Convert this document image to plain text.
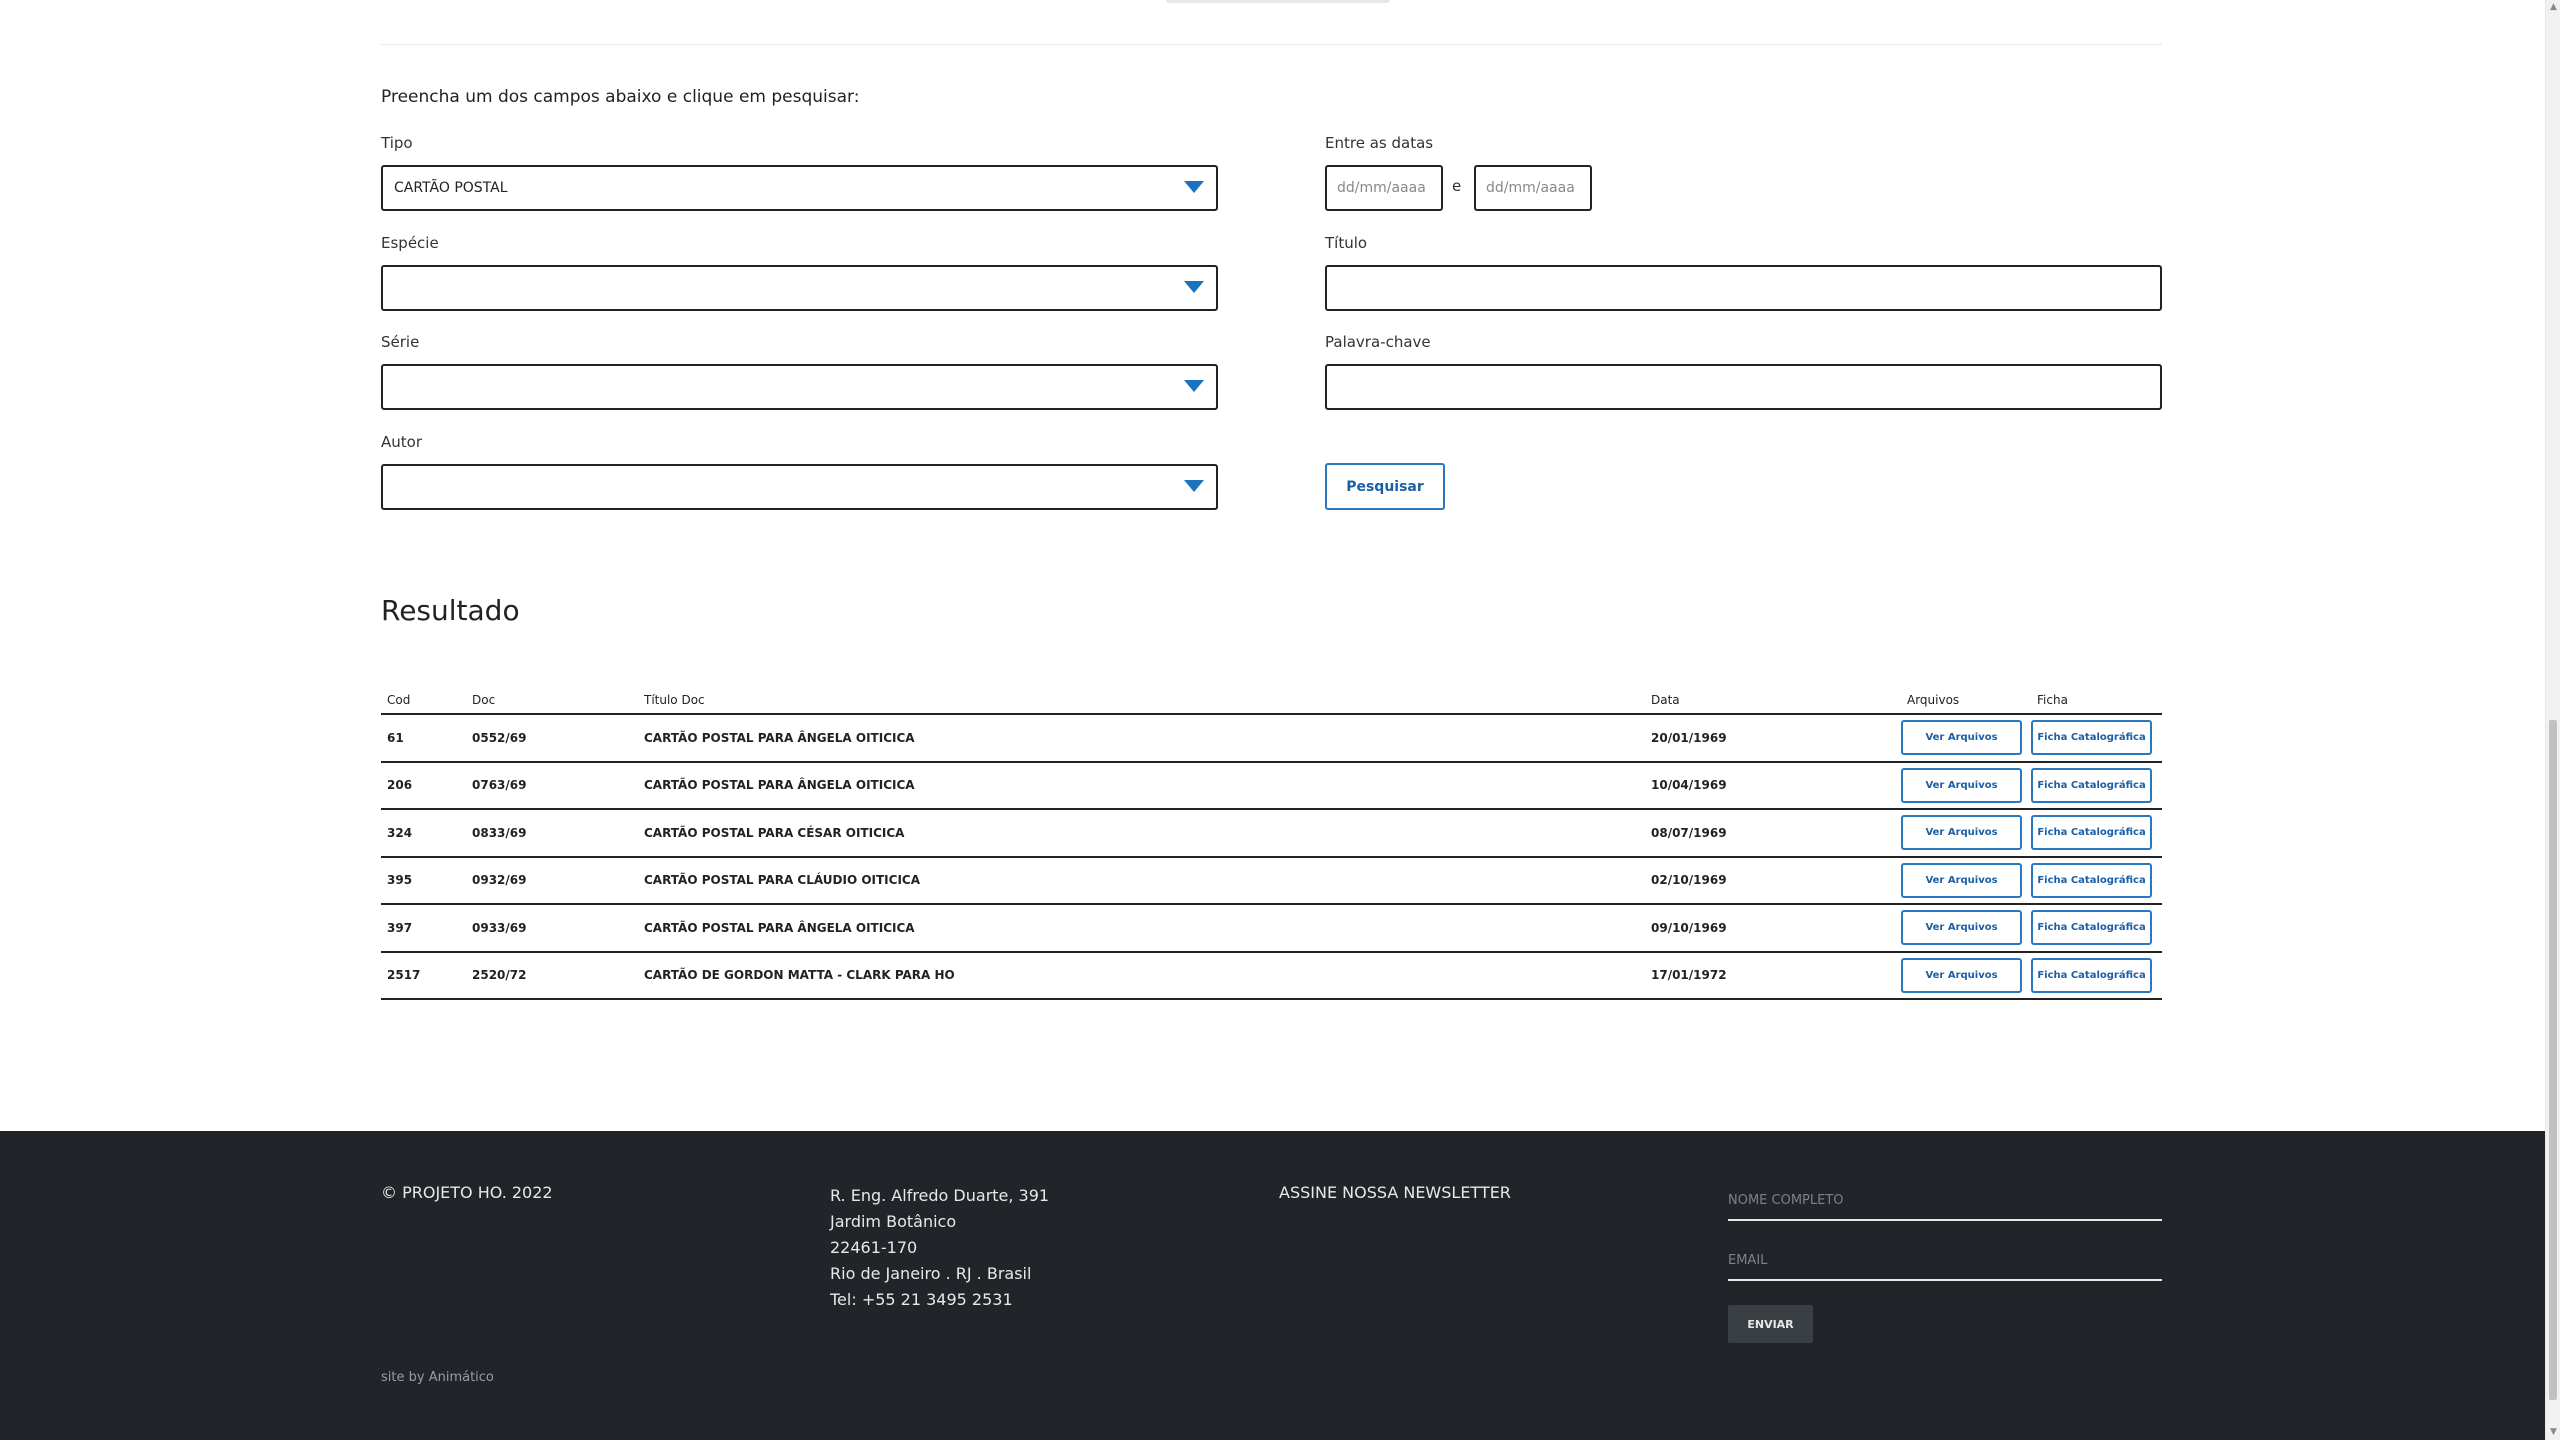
Preencha um dos campos abaixo e clique em pesquisar:
Tipo
CARTÃO POSTAL
Espécie
Série
Autor
Entre as datas
dd/mm/aaaa
e
dd/mm/aaaa
Título
Palavra-chave
Pesquisar
Resultado
Cod	Doc	Título Doc	Data	Arquivos	Ficha
61	0552/69	CARTÃO POSTAL PARA ÂNGELA OITICICA	20/01/1969	Ver Arquivos	Ficha Catalográfica
206	0763/69	CARTÃO POSTAL PARA ÂNGELA OITICICA	10/04/1969	Ver Arquivos	Ficha Catalográfica
324	0833/69	CARTÃO POSTAL PARA CÉSAR OITICICA	08/07/1969	Ver Arquivos	Ficha Catalográfica
395	0932/69	CARTÃO POSTAL PARA CLÁUDIO OITICICA	02/10/1969	Ver Arquivos	Ficha Catalográfica
397	0933/69	CARTÃO POSTAL PARA ÂNGELA OITICICA	09/10/1969	Ver Arquivos	Ficha Catalográfica
2517	2520/72	CARTÃO DE GORDON MATTA - CLARK PARA HO	17/01/1972	Ver Arquivos	Ficha Catalográfica
© PROJETO HO. 2022	R. Eng. Alfredo Duarte, 391
Jardim Botânico
22461-170
Rio de Janeiro . RJ . Brasil
Tel: +55 21 3495 2531
ASSINE NOSSA NEWSLETTER
NOME COMPLETO
EMAIL
ENVIAR
site by Animático
▲
▼
